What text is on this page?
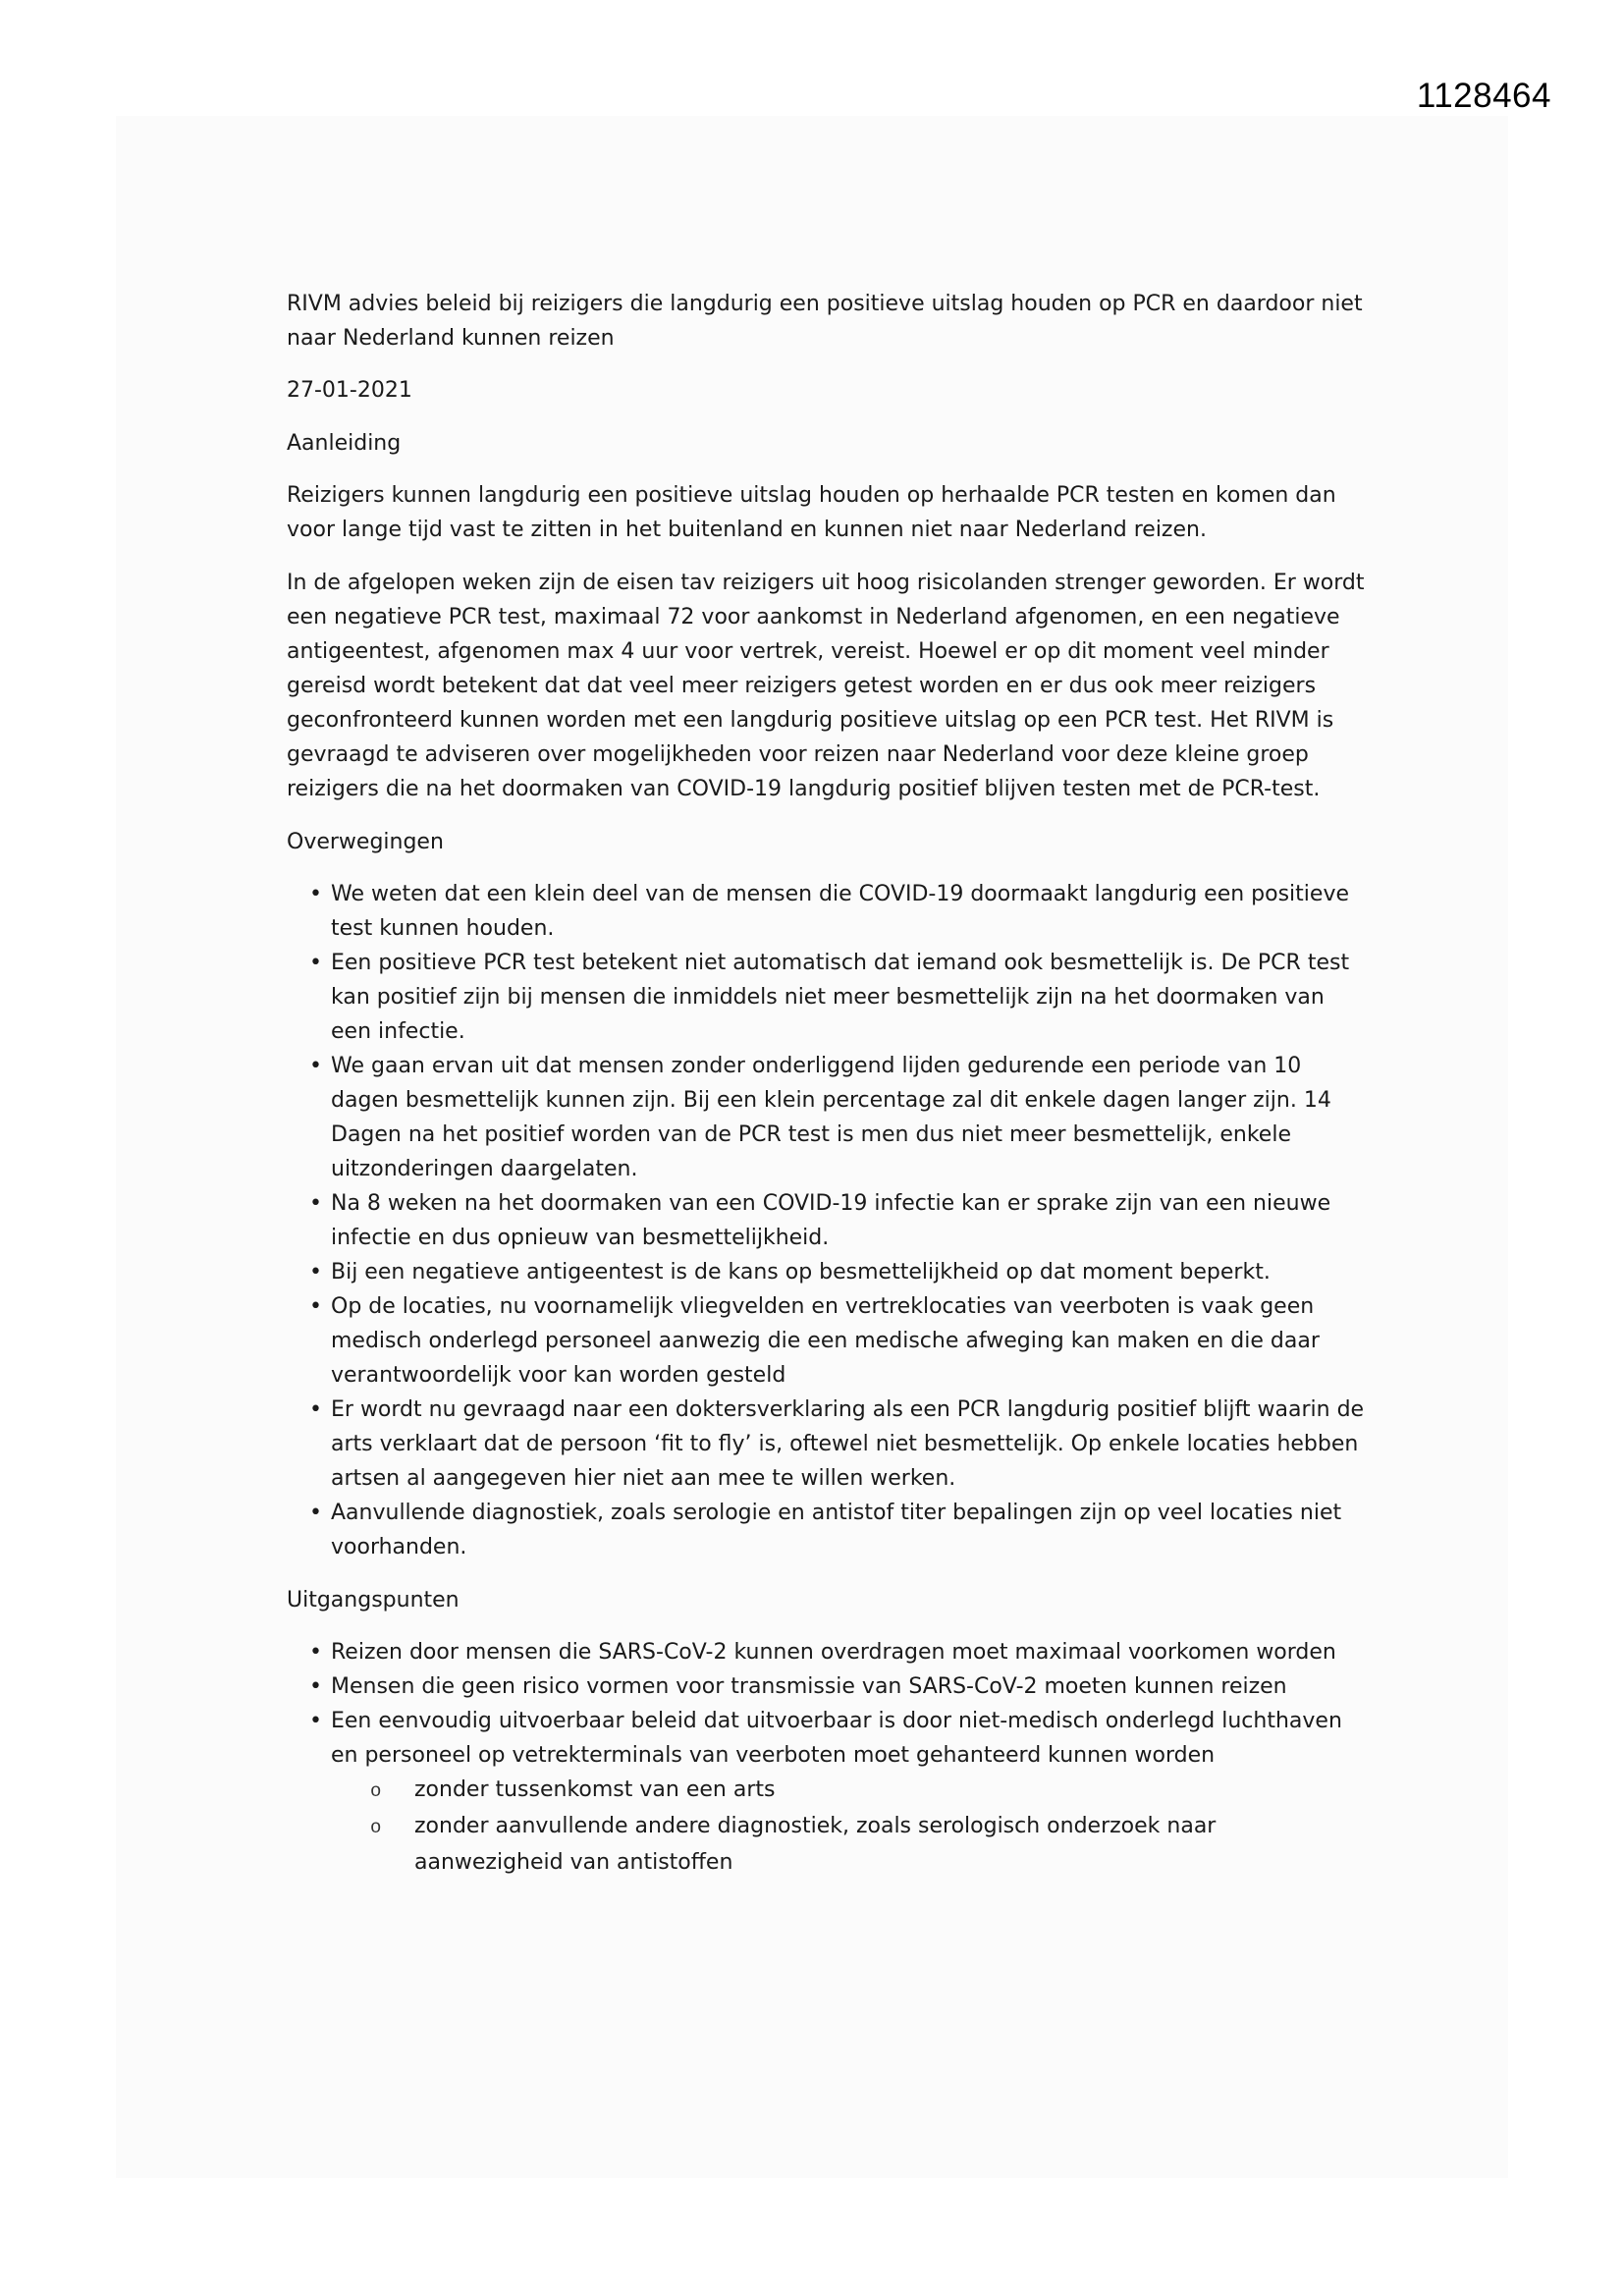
1128464

RIVM advies beleid bij reizigers die langdurig een positieve uitslag houden op PCR en daardoor niet naar Nederland kunnen reizen

27-01-2021

Aanleiding

Reizigers kunnen langdurig een positieve uitslag houden op herhaalde PCR testen en komen dan voor lange tijd vast te zitten in het buitenland en kunnen niet naar Nederland reizen.

In de afgelopen weken zijn de eisen tav reizigers uit hoog risicolanden strenger geworden. Er wordt een negatieve PCR test, maximaal 72 voor aankomst in Nederland afgenomen, en een negatieve antigeentest, afgenomen max 4 uur voor vertrek, vereist. Hoewel er op dit moment veel minder gereisd wordt betekent dat dat veel meer reizigers getest worden en er dus ook meer reizigers geconfronteerd kunnen worden met een langdurig positieve uitslag op een PCR test. Het RIVM is gevraagd te adviseren over mogelijkheden voor reizen naar Nederland voor deze kleine groep reizigers die na het doormaken van COVID-19 langdurig positief blijven testen met de PCR-test.

Overwegingen

• We weten dat een klein deel van de mensen die COVID-19 doormaakt langdurig een positieve test kunnen houden.
• Een positieve PCR test betekent niet automatisch dat iemand ook besmettelijk is. De PCR test kan positief zijn bij mensen die inmiddels niet meer besmettelijk zijn na het doormaken van een infectie.
• We gaan ervan uit dat mensen zonder onderliggend lijden gedurende een periode van 10 dagen besmettelijk kunnen zijn. Bij een klein percentage zal dit enkele dagen langer zijn. 14 Dagen na het positief worden van de PCR test is men dus niet meer besmettelijk, enkele uitzonderingen daargelaten.
• Na 8 weken na het doormaken van een COVID-19 infectie kan er sprake zijn van een nieuwe infectie en dus opnieuw van besmettelijkheid.
• Bij een negatieve antigeentest is de kans op besmettelijkheid op dat moment beperkt.
• Op de locaties, nu voornamelijk vliegvelden en vertreklocaties van veerboten is vaak geen medisch onderlegd personeel aanwezig die een medische afweging kan maken en die daar verantwoordelijk voor kan worden gesteld
• Er wordt nu gevraagd naar een doktersverklaring als een PCR langdurig positief blijft waarin de arts verklaart dat de persoon ‘fit to fly’ is, oftewel niet besmettelijk. Op enkele locaties hebben artsen al aangegeven hier niet aan mee te willen werken.
• Aanvullende diagnostiek, zoals serologie en antistof titer bepalingen zijn op veel locaties niet voorhanden.

Uitgangspunten

• Reizen door mensen die SARS-CoV-2 kunnen overdragen moet maximaal voorkomen worden
• Mensen die geen risico vormen voor transmissie van SARS-CoV-2 moeten kunnen reizen
• Een eenvoudig uitvoerbaar beleid dat uitvoerbaar is door niet-medisch onderlegd luchthaven en personeel op vetrekterminals van veerboten moet gehanteerd kunnen worden
o zonder tussenkomst van een arts
o zonder aanvullende andere diagnostiek, zoals serologisch onderzoek naar aanwezigheid van antistoffen
